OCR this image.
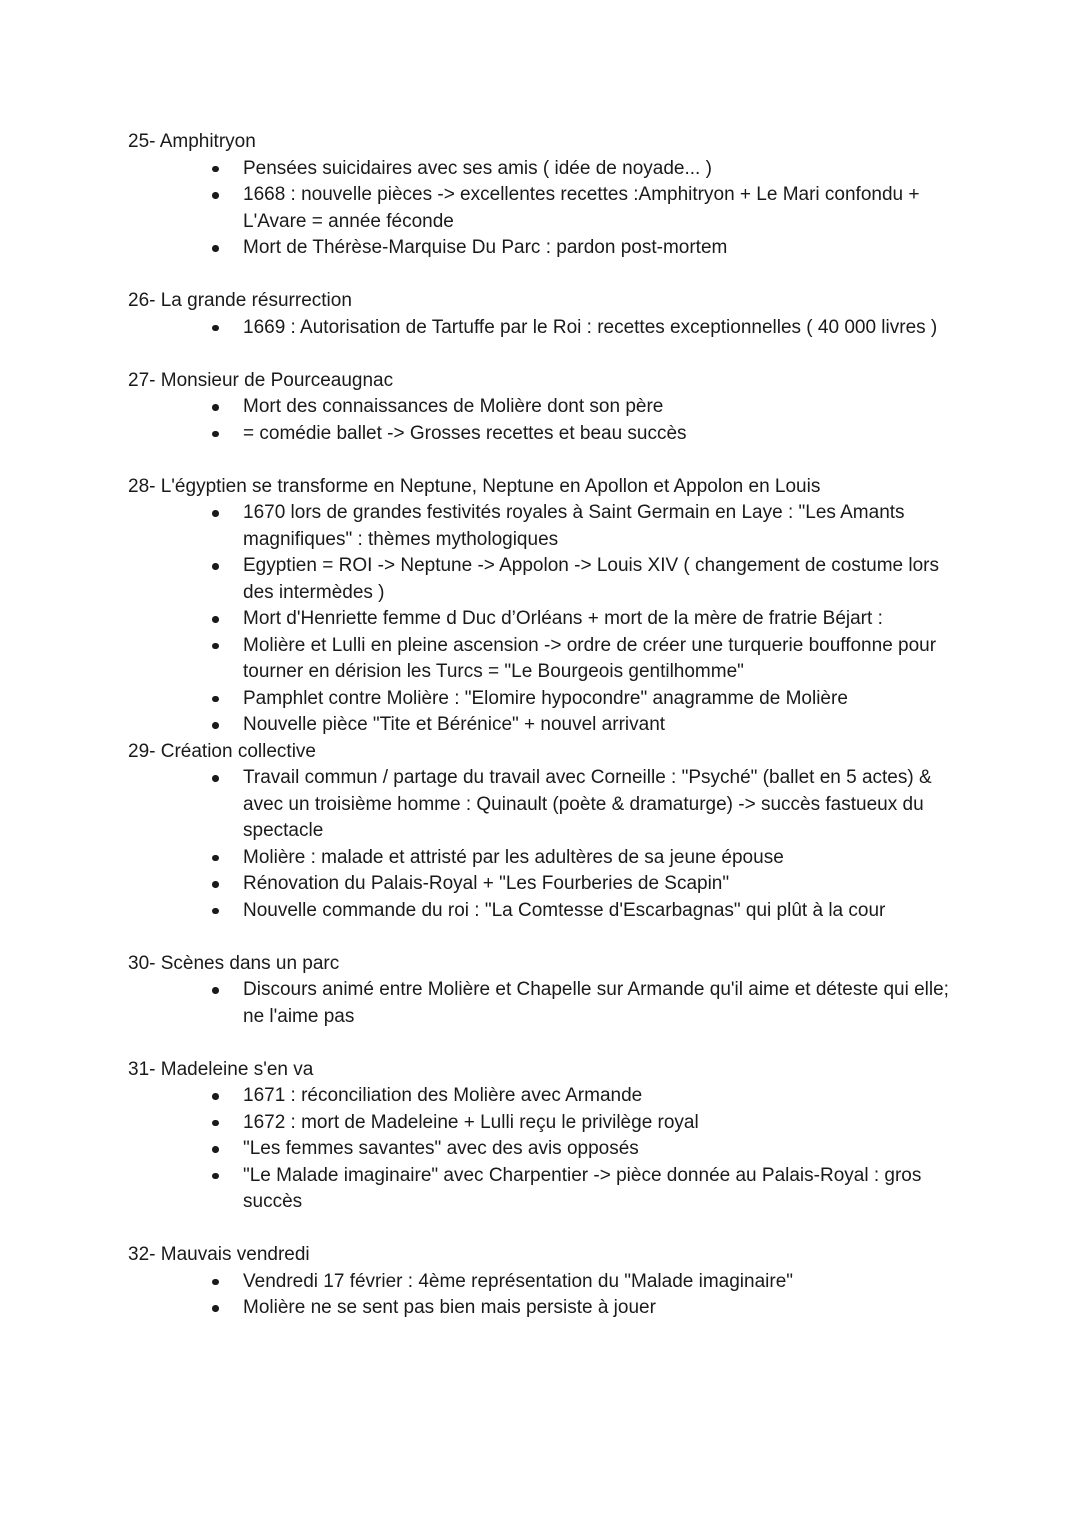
25- Amphitryon
Pensées suicidaires avec ses amis ( idée de noyade... )
1668 : nouvelle pièces -> excellentes recettes :Amphitryon + Le Mari confondu + L'Avare = année féconde
Mort de Thérèse-Marquise Du Parc : pardon post-mortem
26- La grande résurrection
1669 : Autorisation de Tartuffe par le Roi : recettes exceptionnelles ( 40 000 livres )
27- Monsieur de Pourceaugnac
Mort des connaissances de Molière dont son père
= comédie ballet -> Grosses recettes et beau succès
28- L'égyptien se transforme en Neptune, Neptune en Apollon et Appolon en Louis
1670 lors de grandes festivités royales à Saint Germain en Laye : "Les Amants magnifiques" : thèmes mythologiques
Egyptien = ROI -> Neptune -> Appolon -> Louis XIV ( changement de costume lors des intermèdes )
Mort d'Henriette femme d Duc d’Orléans + mort de la mère de fratrie Béjart :
Molière et Lulli en pleine ascension -> ordre de créer une turquerie bouffonne pour tourner en dérision les Turcs = "Le Bourgeois gentilhomme"
Pamphlet contre Molière : "Elomire hypocondre" anagramme de Molière
Nouvelle pièce "Tite et Bérénice" + nouvel arrivant
29- Création collective
Travail commun / partage du travail avec Corneille : "Psyché" (ballet en 5 actes) & avec un troisième homme : Quinault (poète & dramaturge) -> succès fastueux du spectacle
Molière : malade et attristé par les adultères de sa jeune épouse
Rénovation du Palais-Royal + "Les Fourberies de Scapin"
Nouvelle commande du roi : "La Comtesse d'Escarbagnas" qui plût à la cour
30- Scènes dans un parc
Discours animé entre Molière et Chapelle sur Armande qu'il aime et déteste qui elle; ne l'aime pas
31- Madeleine s'en va
1671 : réconciliation des Molière avec Armande
1672 : mort de Madeleine + Lulli reçu le privilège royal
"Les femmes savantes" avec des avis opposés
"Le Malade imaginaire" avec Charpentier -> pièce donnée au Palais-Royal : gros succès
32- Mauvais vendredi
Vendredi 17 février : 4ème représentation du "Malade imaginaire"
Molière ne se sent pas bien mais persiste à jouer
